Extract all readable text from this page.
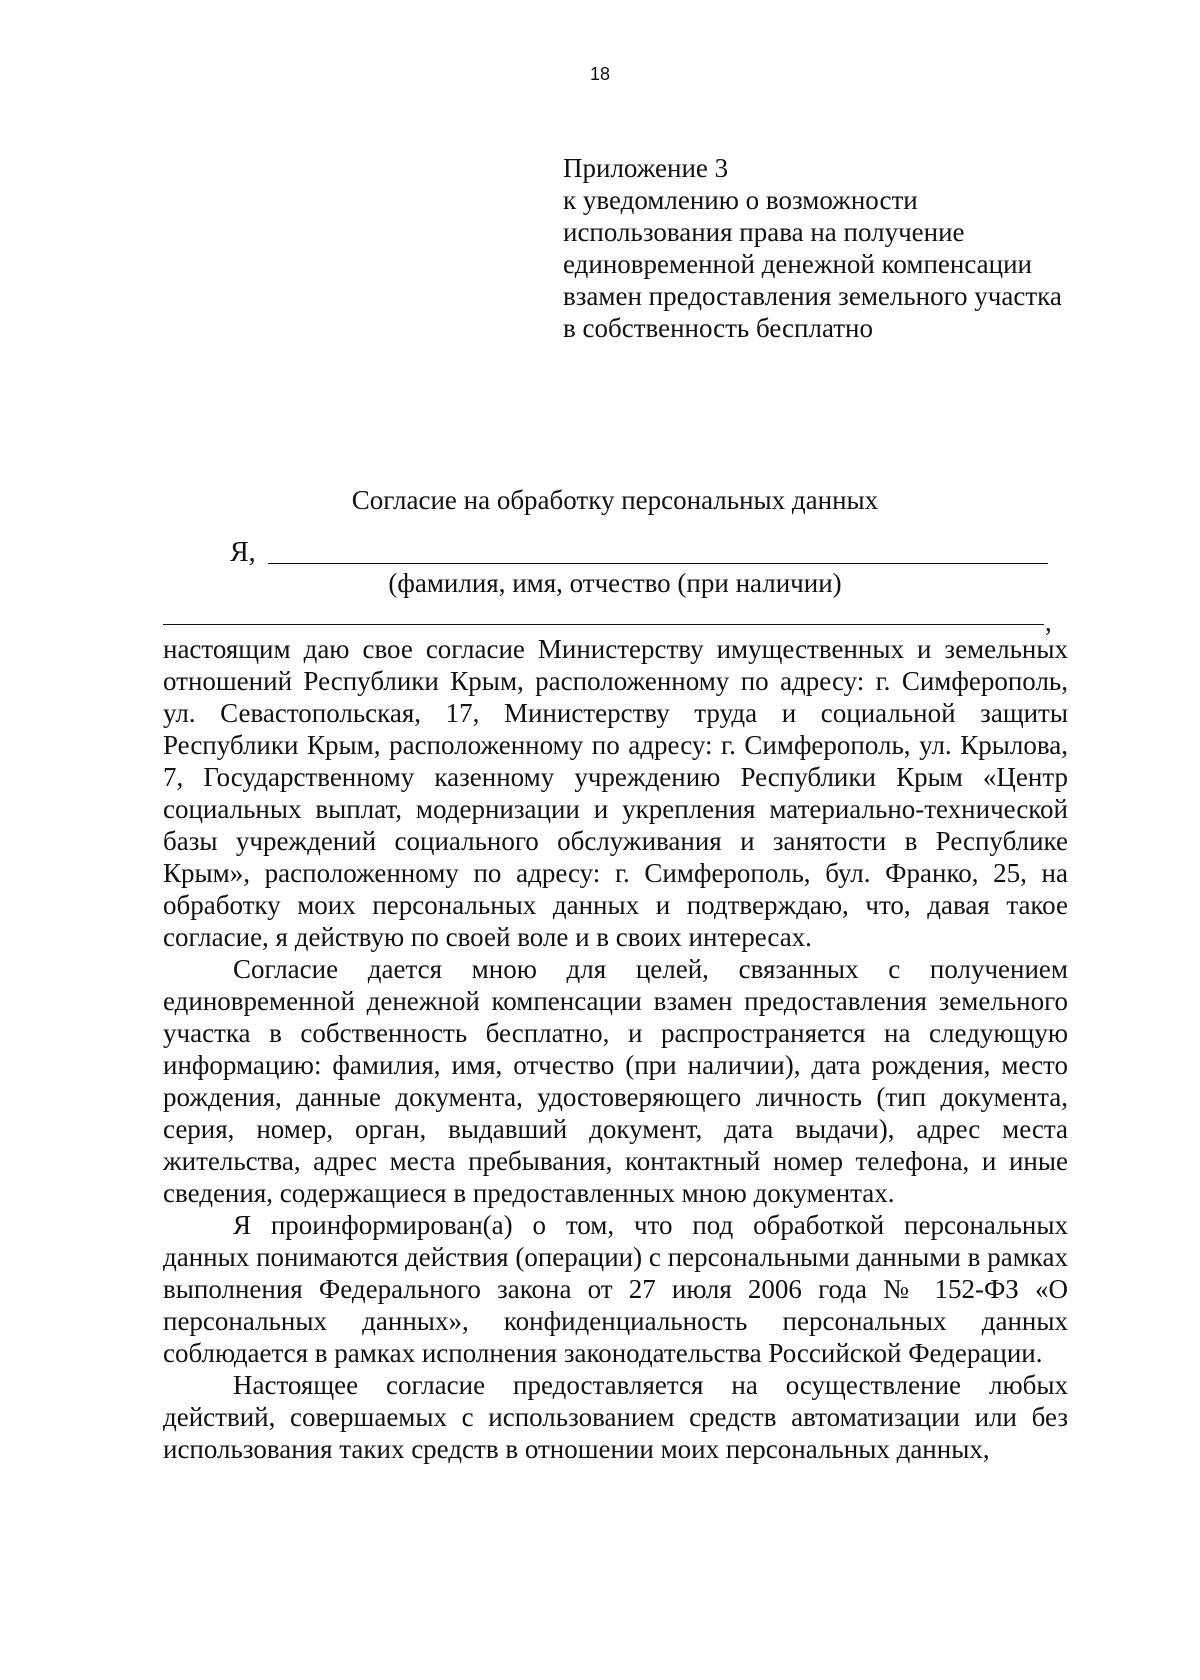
18
Приложение 3
к уведомлению о возможности
использования права на получение
единовременной денежной компенсации
взамен предоставления земельного участка
в собственность бесплатно
Согласие на обработку персональных данных
Я,
(фамилия, имя, отчество (при наличии)
,

настоящим даю свое согласие Министерству имущественных и земельных отношений Республики Крым, расположенному по адресу: г. Симферополь, ул. Севастопольская, 17, Министерству труда и социальной защиты Республики Крым, расположенному по адресу: г. Симферополь, ул. Крылова, 7, Государственному казенному учреждению Республики Крым «Центр социальных выплат, модернизации и укрепления материально-технической базы учреждений социального обслуживания и занятости в Республике Крым», расположенному по адресу: г. Симферополь, бул. Франко, 25, на обработку моих персональных данных и подтверждаю, что, давая такое согласие, я действую по своей воле и в своих интересах.

Согласие дается мною для целей, связанных с получением единовременной денежной компенсации взамен предоставления земельного участка в собственность бесплатно, и распространяется на следующую информацию: фамилия, имя, отчество (при наличии), дата рождения, место рождения, данные документа, удостоверяющего личность (тип документа, серия, номер, орган, выдавший документ, дата выдачи), адрес места жительства, адрес места пребывания, контактный номер телефона, и иные сведения, содержащиеся в предоставленных мною документах.

Я проинформирован(а) о том, что под обработкой персональных данных понимаются действия (операции) с персональными данными в рамках выполнения Федерального закона от 27 июля 2006 года № 152-ФЗ «О персональных данных», конфиденциальность персональных данных соблюдается в рамках исполнения законодательства Российской Федерации.

Настоящее согласие предоставляется на осуществление любых действий, совершаемых с использованием средств автоматизации или без использования таких средств в отношении моих персональных данных,
